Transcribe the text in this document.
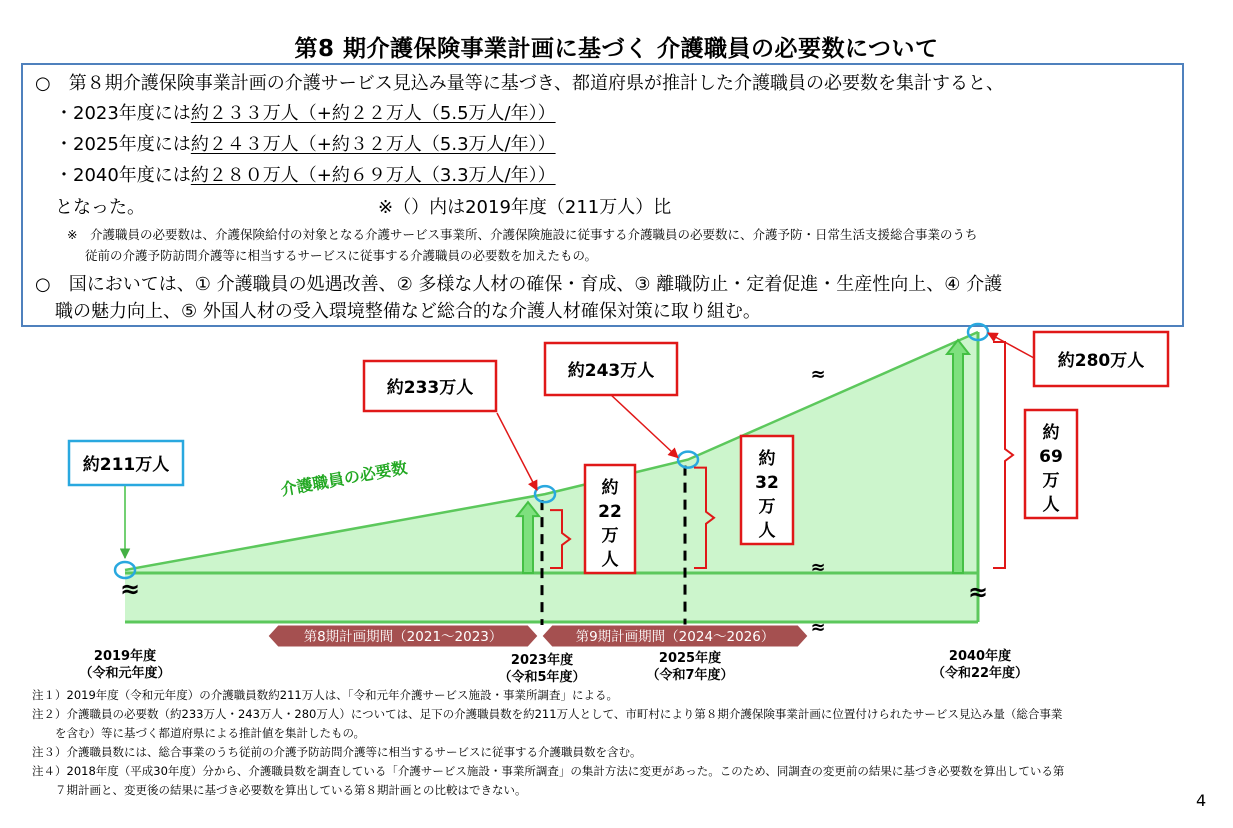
第8 期介護保険事業計画に基づく 介護職員の必要数について
○　第８期介護保険事業計画の介護サービス見込み量等に基づき、都道府県が推計した介護職員の必要数を集計すると、
・2023年度には約２３３万人（+約２２万人（5.5万人/年））
・2025年度には約２４３万人（+約３２万人（5.3万人/年））
・2040年度には約２８０万人（+約６９万人（3.3万人/年））
となった。	※（）内は2019年度（211万人）比
※　介護職員の必要数は、介護保険給付の対象となる介護サービス事業所、介護保険施設に従事する介護職員の必要数に、介護予防・日常生活支援総合事業のうち
従前の介護予防訪問介護等に相当するサービスに従事する介護職員の必要数を加えたもの。
○　国においては、① 介護職員の処遇改善、② 多様な人材の確保・育成、③ 離職防止・定着促進・生産性向上、④ 介護
職の魅力向上、⑤ 外国人材の受入環境整備など総合的な介護人材確保対策に取り組む。
約
22
万
人
約
32
万
人
約
69
万
人
約211万人
約233万人
約243万人	約280万人
介護職員の必要数
≈
≈
≈
≈
≈
第8期計画期間（2021～2023）	第9期計画期間（2024～2026）
2019年度
（令和元年度）
2023年度
（令和5年度）
2025年度
（令和7年度）
2040年度
（令和22年度）
注１）2019年度（令和元年度）の介護職員数約211万人は、「令和元年介護サービス施設・事業所調査」による。
注２）介護職員の必要数（約233万人・243万人・280万人）については、足下の介護職員数を約211万人として、市町村により第８期介護保険事業計画に位置付けられたサービス見込み量（総合事業
　　を含む）等に基づく都道府県による推計値を集計したもの。
注３）介護職員数には、総合事業のうち従前の介護予防訪問介護等に相当するサービスに従事する介護職員数を含む。
注４）2018年度（平成30年度）分から、介護職員数を調査している「介護サービス施設・事業所調査」の集計方法に変更があった。このため、同調査の変更前の結果に基づき必要数を算出している第
　　７期計画と、変更後の結果に基づき必要数を算出している第８期計画との比較はできない。
4
